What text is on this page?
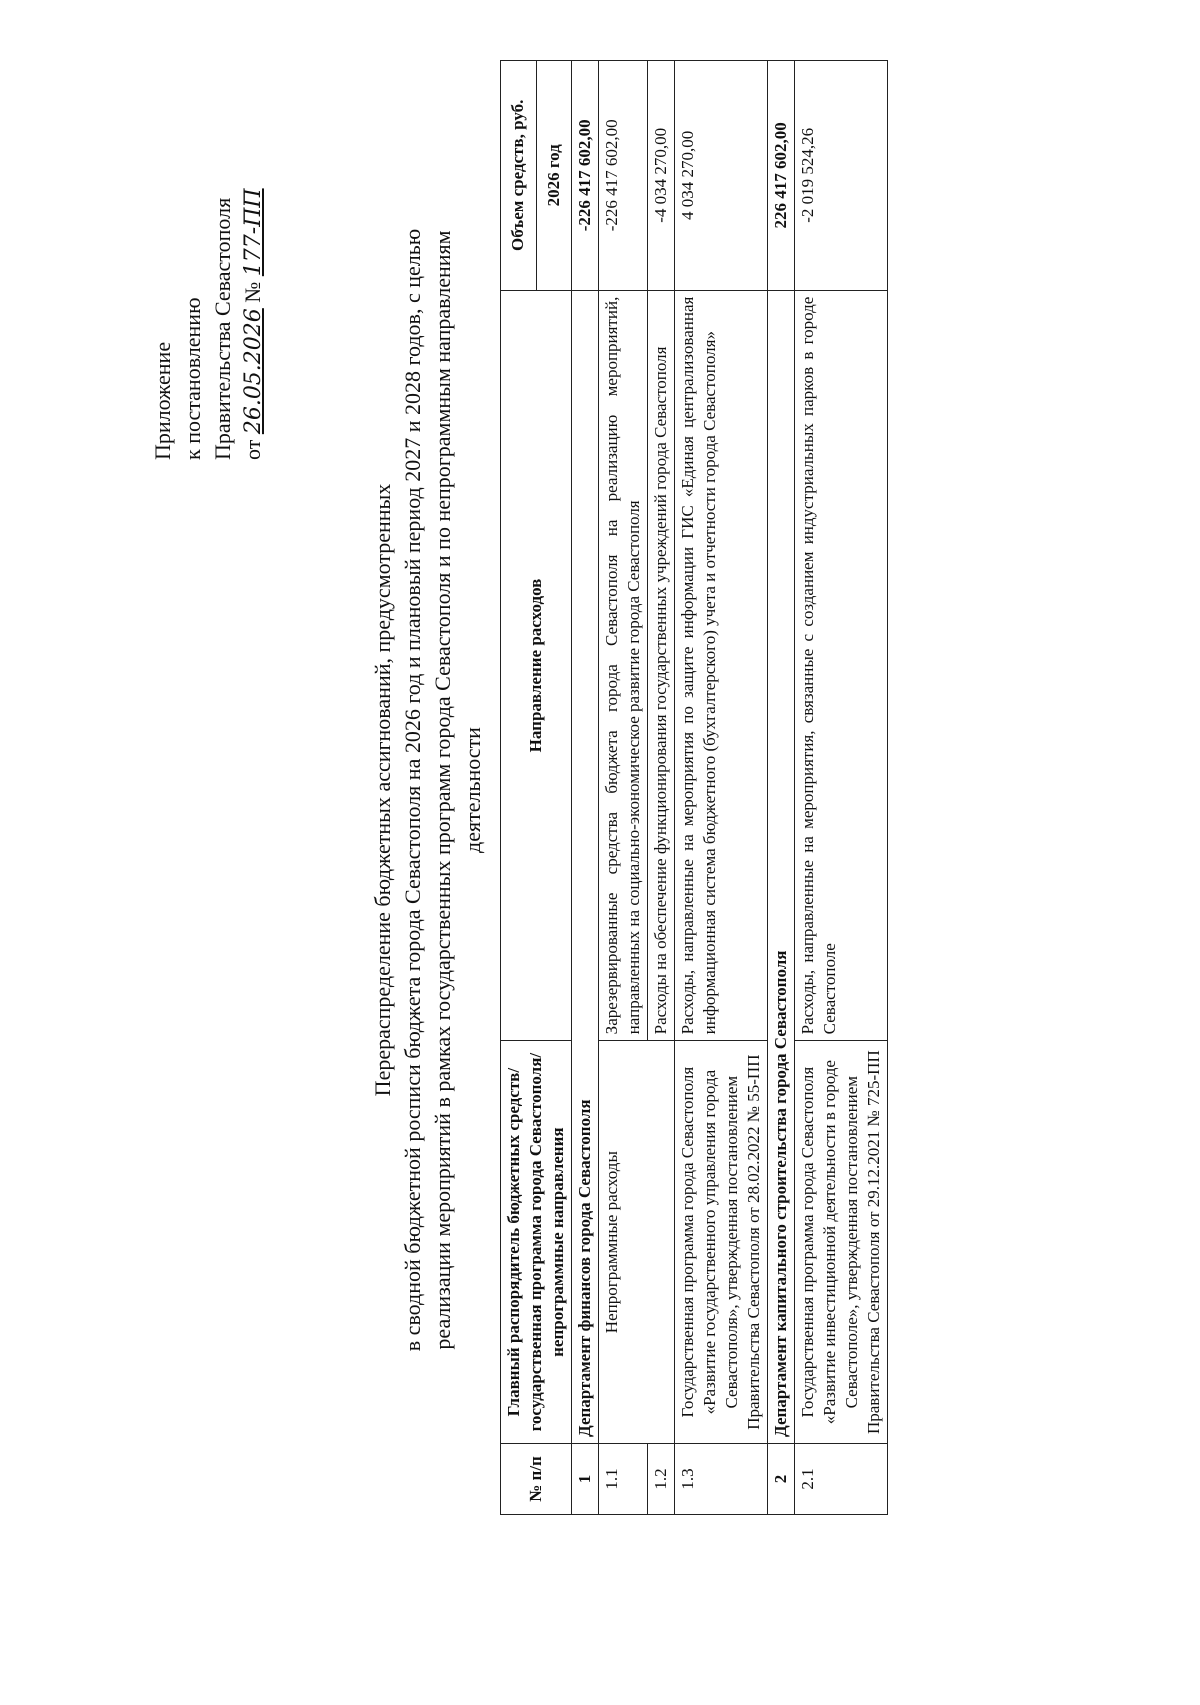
Приложение к постановлению Правительства Севастополя от 26.05.2026 № 177-ПП
Перераспределение бюджетных ассигнований, предусмотренных в сводной бюджетной росписи бюджета города Севастополя на 2026 год и плановый период 2027 и 2028 годов, с целью реализации мероприятий в рамках государственных программ города Севастополя и по непрограммным направлениям деятельности
№ п/п	Главный распорядитель бюджетных средств/государственная программа города Севастополя/непрограммные направления	Направление расходов	Объем средств, руб.
			2026 год
1	Департамент финансов города Севастополя		-226 417 602,00
1.1	Непрограммные расходы	Зарезервированные средства бюджета города Севастополя на реализацию мероприятий, направленных на социально-экономическое развитие города Севастополя	-226 417 602,00
1.2		Расходы на обеспечение функционирования государственных учреждений города Севастополя	-4 034 270,00
1.3	Государственная программа города Севастополя «Развитие государственного управления города Севастополя», утвержденная постановлением Правительства Севастополя от 28.02.2022 № 55-ПП	Расходы, направленные на мероприятия по защите информации ГИС «Единая централизованная информационная система бюджетного (бухгалтерского) учета и отчетности города Севастополя»	4 034 270,00
2	Департамент капитального строительства города Севастополя		226 417 602,00
2.1	Государственная программа города Севастополя «Развитие инвестиционной деятельности в городе Севастополе», утвержденная постановлением Правительства Севастополя от 29.12.2021 № 725-ПП	Расходы, направленные на мероприятия, связанные с созданием индустриальных парков в городе Севастополе	-2 019 524,26
